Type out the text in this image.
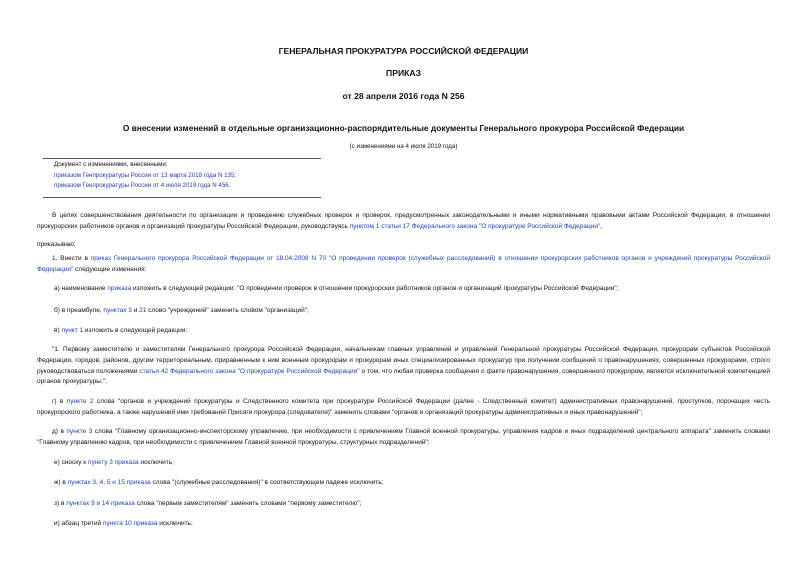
ГЕНЕРАЛЬНАЯ ПРОКУРАТУРА РОССИЙСКОЙ ФЕДЕРАЦИИ
ПРИКАЗ
от 28 апреля 2016 года N 256
О внесении изменений в отдельные организационно-распорядительные документы Генерального прокурора Российской Федерации
(с изменениями на 4 июля 2019 года)
Документ с изменениями, внесенными:
приказом Генпрокуратуры России от 13 марта 2018 года N 135;
приказом Генпрокуратуры России от 4 июля 2019 года N 456.
В целях совершенствования деятельности по организации и проведению служебных проверок и проверок, предусмотренных законодательными и иными нормативными правовыми актами Российской Федерации, в отношении прокурорских работников органов и организаций прокуратуры Российской Федерации, руководствуясь пунктом 1 статьи 17 Федерального закона "О прокуратуре Российской Федерации",
приказываю:
1. Внести в приказ Генерального прокурора Российской Федерации от 18.04.2008 N 70 "О проведении проверок (служебных расследований) в отношении прокурорских работников органов и учреждений прокуратуры Российской Федерации" следующие изменения:
а) наименование приказа изложить в следующей редакции: "О проведении проверок в отношении прокурорских работников органов и организаций прокуратуры Российской Федерации";
б) в преамбуле, пунктах 3 и 21 слово "учреждений" заменить словом "организаций";
в) пункт 1 изложить в следующей редакции:
"1. Первому заместителю и заместителям Генерального прокурора Российской Федерации, начальникам главных управлений и управлений Генеральной прокуратуры Российской Федерации, прокурорам субъектов Российской Федерации, городов, районов, другим территориальным, приравненным к ним военным прокурорам и прокурорам иных специализированных прокуратур при получении сообщений о правонарушениях, совершенных прокурорами, строго руководствоваться положениями статьи 42 Федерального закона "О прокуратуре Российской Федерации" о том, что любая проверка сообщения о факте правонарушения, совершенного прокурором, является исключительной компетенцией органов прокуратуры.";
г) в пункте 2 слова "органов и учреждений прокуратуры и Следственного комитета при прокуратуре Российской Федерации (далее - Следственный комитет) административных правонарушений, проступков, порочащих честь прокурорского работника, а также нарушений ими требований Присяги прокурора (следователя)" заменить словами "органов и организаций прокуратуры административных и иных правонарушений";
д) в пункте 3 слова "Главному организационно-инспекторскому управлению, при необходимости с привлечением Главной военной прокуратуры, управления кадров и иных подразделений центрального аппарата" заменить словами "Главному управлению кадров, при необходимости с привлечением Главной военной прокуратуры, структурных подразделений";
е) сноску к пункту 3 приказа исключить;
ж) в пунктах 3, 4, 5 и 15 приказа слова "(служебные расследования)" в соответствующем падеже исключить;
з) в пунктах 9 и 14 приказа слова "первым заместителям" заменить словами "первому заместителю";
и) абзац третий пункта 10 приказа исключить;
